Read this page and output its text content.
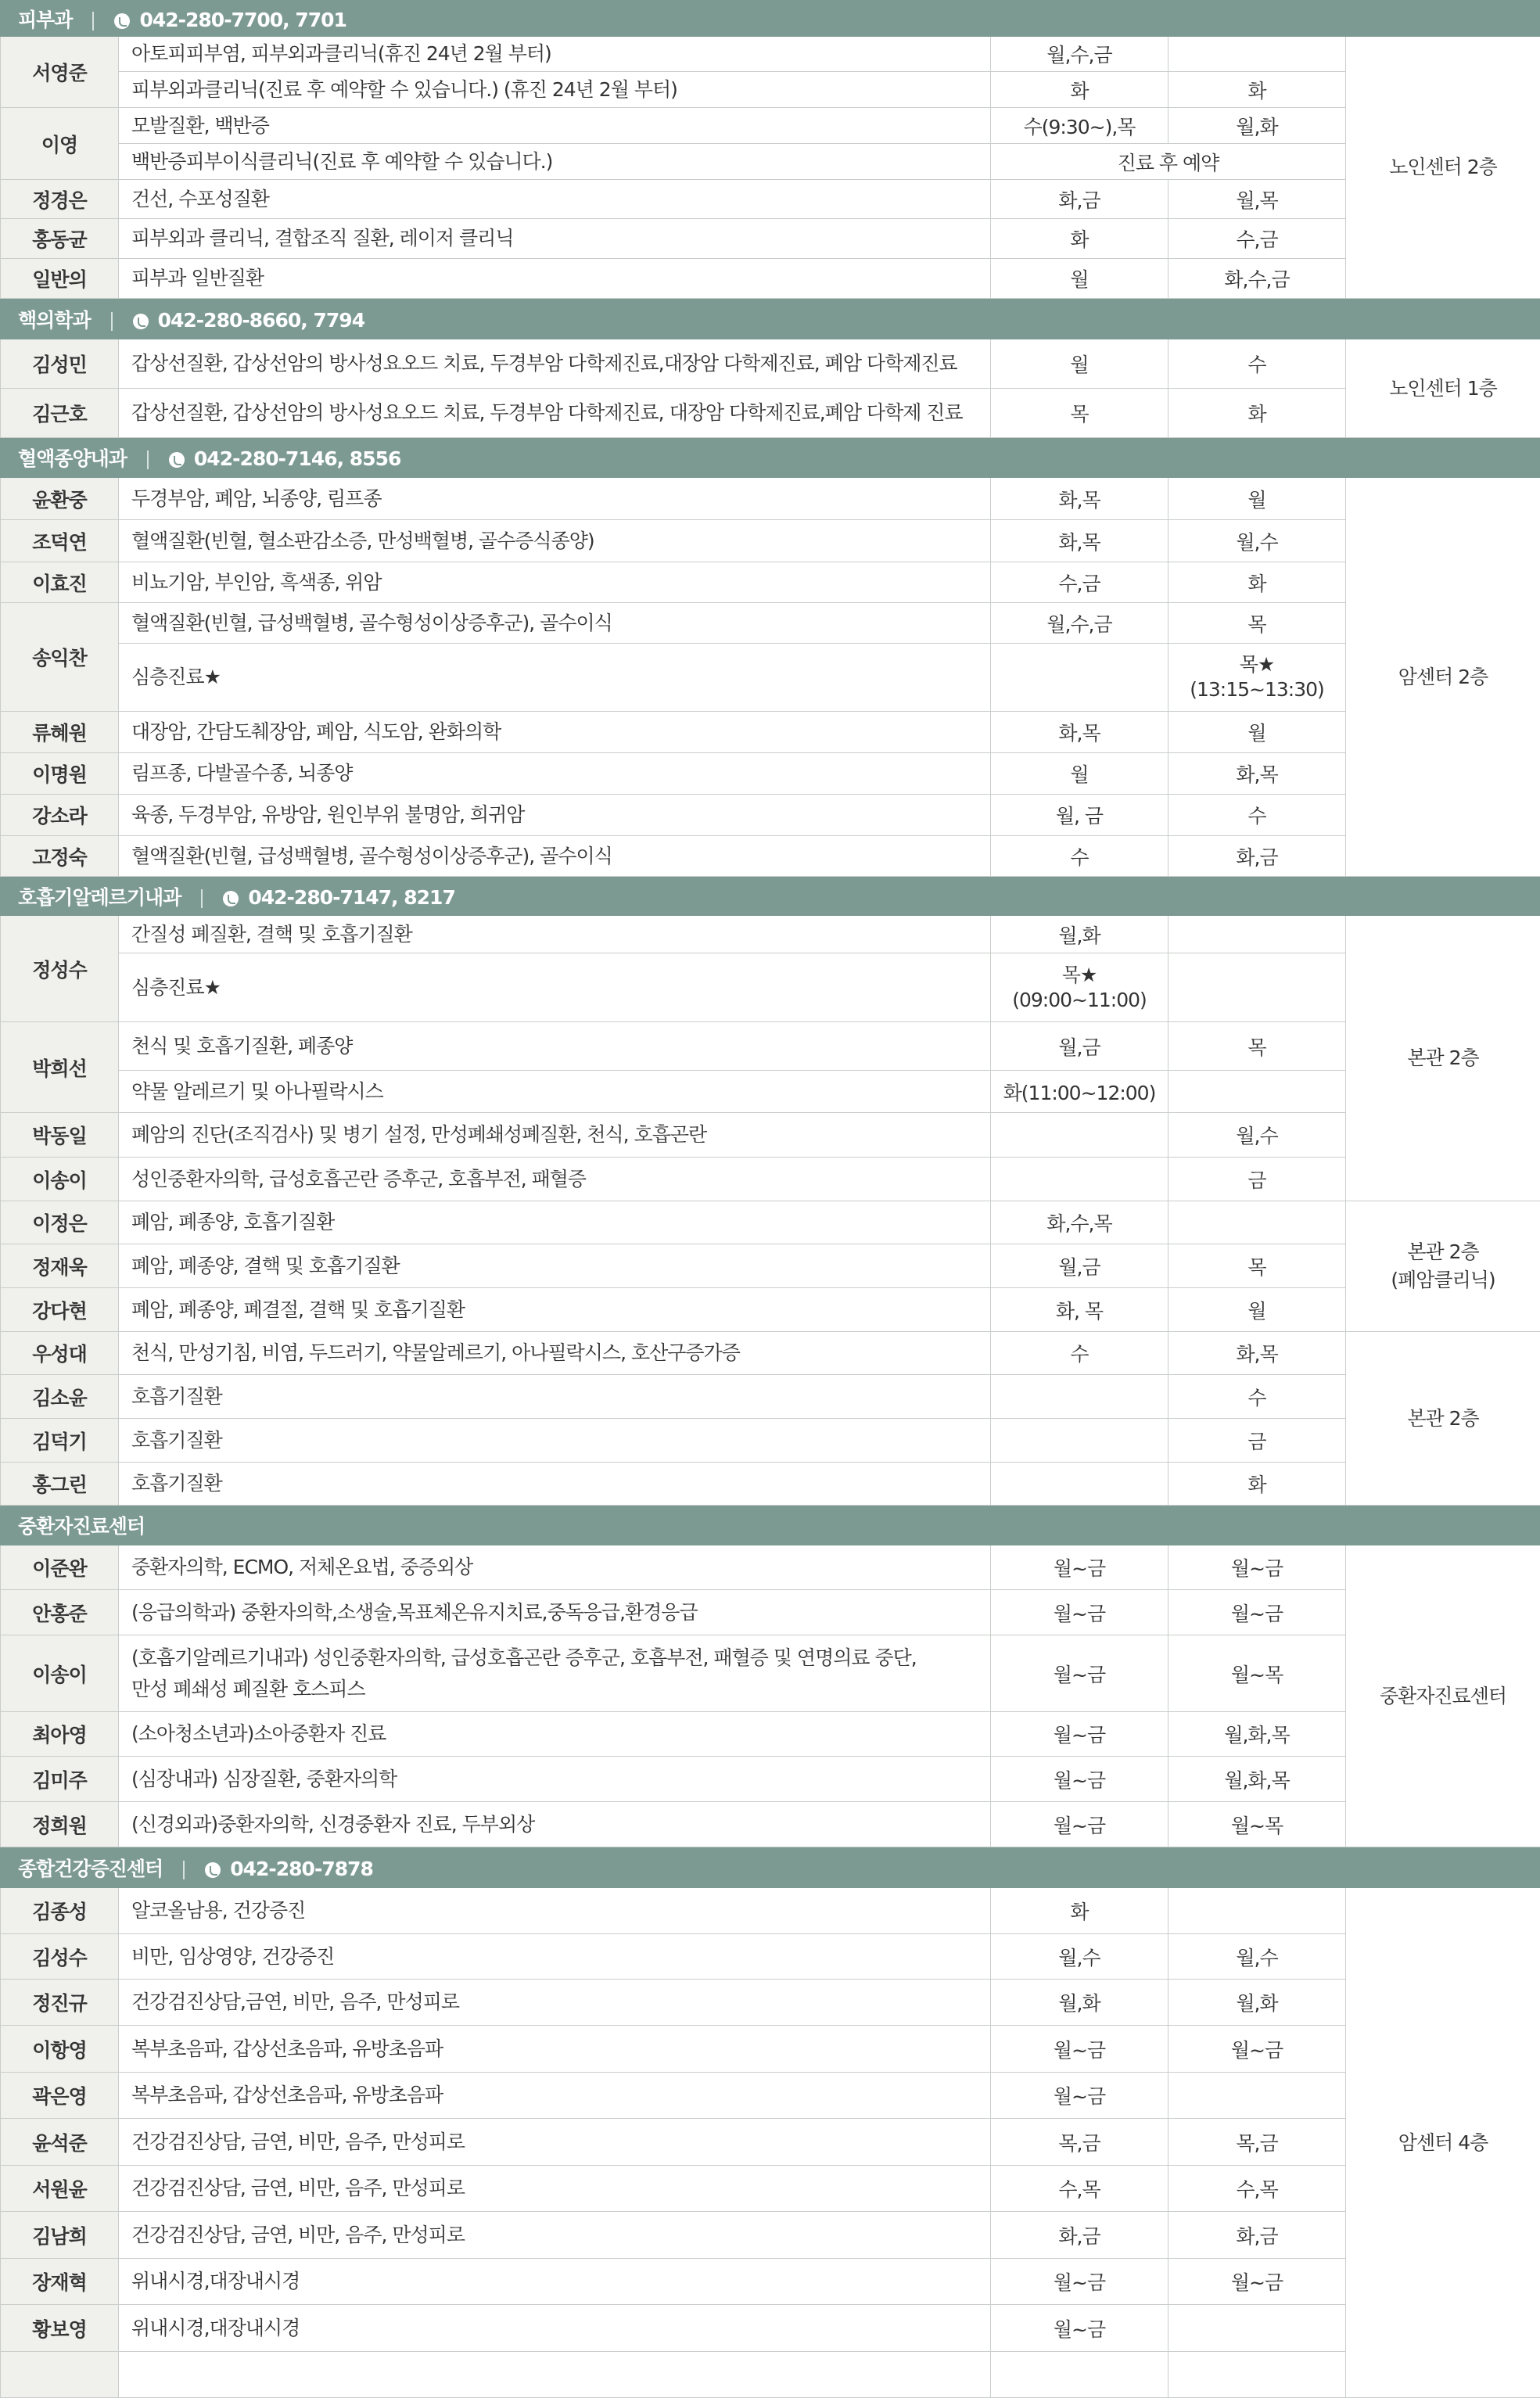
피부과 042-280-7700, 7701				
서영준	아토피피부염, 피부외과클리닉(휴진 24년 2월 부터)	월,수,금		노인센터 2층
	피부외과클리닉(진료 후 예약할 수 있습니다.) (휴진 24년 2월 부터)	화	화	
이영	모발질환, 백반증	수(9:30~),목	월,화	
	백반증피부이식클리닉(진료 후 예약할 수 있습니다.)	진료 후 예약		
정경은	건선, 수포성질환	화,금	월,목	
홍동균	피부외과 클리닉, 결합조직 질환, 레이저 클리닉	화	수,금	
일반의	피부과 일반질환	월	화,수,금	
핵의학과 042-280-8660, 7794				
김성민	갑상선질환, 갑상선암의 방사성요오드 치료, 두경부암 다학제진료,대장암 다학제진료, 폐암 다학제진료	월	수	노인센터 1층
김근호	갑상선질환, 갑상선암의 방사성요오드 치료, 두경부암 다학제진료, 대장암 다학제진료,폐암 다학제 진료	목	화	
혈액종양내과 042-280-7146, 8556				
윤환중	두경부암, 폐암, 뇌종양, 림프종	화,목	월	암센터 2층
조덕연	혈액질환(빈혈, 혈소판감소증, 만성백혈병, 골수증식종양)	화,목	월,수	
이효진	비뇨기암, 부인암, 흑색종, 위암	수,금	화	
송익찬	혈액질환(빈혈, 급성백혈병, 골수형성이상증후군), 골수이식	월,수,금	목	
	심층진료★		목★
(13:15~13:30)	

류혜원	대장암, 간담도췌장암, 폐암, 식도암, 완화의학	화,목	월	
이명원	림프종, 다발골수종, 뇌종양	월	화,목	
강소라	육종, 두경부암, 유방암, 원인부위 불명암, 희귀암	월, 금	수	
고정숙	혈액질환(빈혈, 급성백혈병, 골수형성이상증후군), 골수이식	수	화,금	
호흡기알레르기내과 042-280-7147, 8217				
정성수	간질성 폐질환, 결핵 및 호흡기질환	월,화		본관 2층
	심층진료★	목★
(09:00~11:00)		

박희선	천식 및 호흡기질환, 폐종양	월,금	목	
	약물 알레르기 및 아나필락시스	화(11:00~12:00)		
박동일	폐암의 진단(조직검사) 및 병기 설정, 만성폐쇄성폐질환, 천식, 호흡곤란		월,수	
이송이	성인중환자의학, 급성호흡곤란 증후군, 호흡부전, 패혈증		금	
이정은	폐암, 폐종양, 호흡기질환	화,수,목		본관 2층
(폐암클리닉)

정재욱	폐암, 폐종양, 결핵 및 호흡기질환	월,금	목	
강다현	폐암, 폐종양, 폐결절, 결핵 및 호흡기질환	화, 목	월	
우성대	천식, 만성기침, 비염, 두드러기, 약물알레르기, 아나필락시스, 호산구증가증	수	화,목	본관 2층
김소윤	호흡기질환		수	
김덕기	호흡기질환		금	
홍그린	호흡기질환		화	
중환자진료센터				
이준완	중환자의학, ECMO, 저체온요법, 중증외상	월~금	월~금	중환자진료센터
안홍준	(응급의학과) 중환자의학,소생술,목표체온유지치료,중독응급,환경응급	월~금	월~금	
이송이	(호흡기알레르기내과) 성인중환자의학, 급성호흡곤란 증후군, 호흡부전, 패혈증 및 연명의료 중단,
만성 폐쇄성 폐질환 호스피스	월~금	월~목	
최아영	(소아청소년과)소아중환자 진료	월~금	월,화,목	
김미주	(심장내과) 심장질환, 중환자의학	월~금	월,화,목	
정희원	(신경외과)중환자의학, 신경중환자 진료, 두부외상	월~금	월~목	
종합건강증진센터 042-280-7878				
김종성	알코올남용, 건강증진	화		암센터 4층
김성수	비만, 임상영양, 건강증진	월,수	월,수	
정진규	건강검진상담,금연, 비만, 음주, 만성피로	월,화	월,화	
이항영	복부초음파, 갑상선초음파, 유방초음파	월~금	월~금	
곽은영	복부초음파, 갑상선초음파, 유방초음파	월~금		
윤석준	건강검진상담, 금연, 비만, 음주, 만성피로	목,금	목,금	
서원윤	건강검진상담, 금연, 비만, 음주, 만성피로	수,목	수,목	
김남희	건강검진상담, 금연, 비만, 음주, 만성피로	화,금	화,금	
장재혁	위내시경,대장내시경	월~금	월~금	
황보영	위내시경,대장내시경	월~금		
